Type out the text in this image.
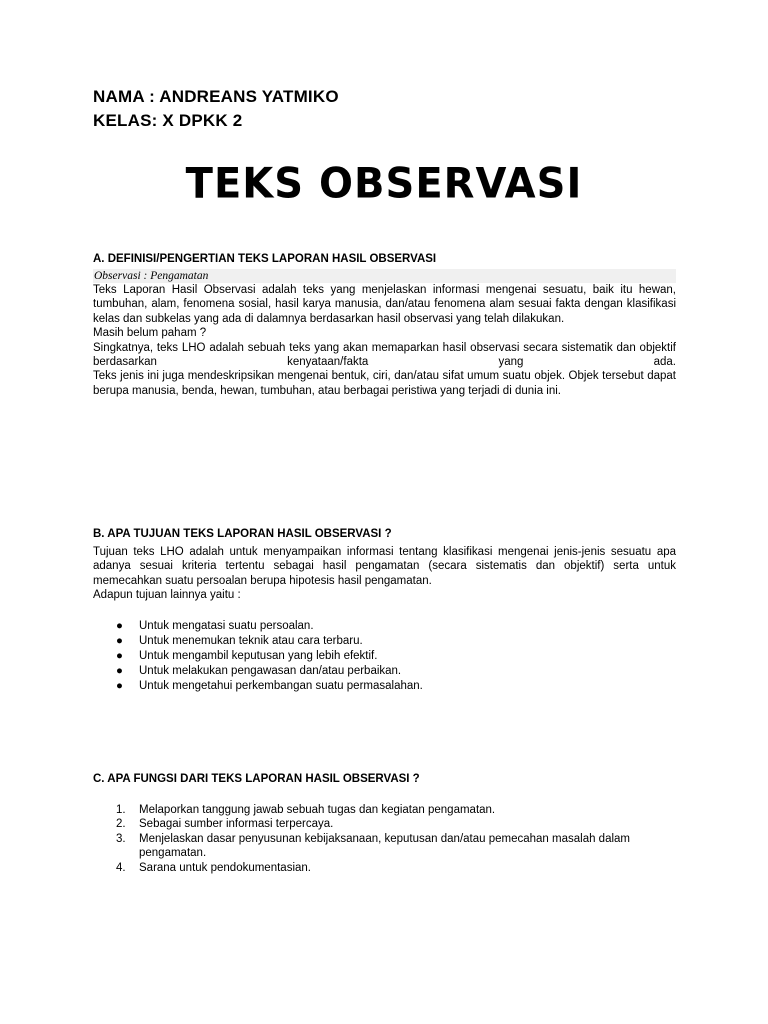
NAMA : ANDREANS YATMIKO
KELAS: X DPKK 2
TEKS OBSERVASI
A. DEFINISI/PENGERTIAN TEKS LAPORAN HASIL OBSERVASI
Observasi : Pengamatan

Teks Laporan Hasil Observasi adalah teks yang menjelaskan informasi mengenai sesuatu, baik itu hewan, tumbuhan, alam, fenomena sosial, hasil karya manusia, dan/atau fenomena alam sesuai fakta dengan klasifikasi kelas dan subkelas yang ada di dalamnya berdasarkan hasil observasi yang telah dilakukan.

Masih belum paham ?

Singkatnya, teks LHO adalah sebuah teks yang akan memaparkan hasil observasi secara sistematik dan objektif berdasarkan kenyataan/fakta yang ada.

Teks jenis ini juga mendeskripsikan mengenai bentuk, ciri, dan/atau sifat umum suatu objek. Objek tersebut dapat berupa manusia, benda, hewan, tumbuhan, atau berbagai peristiwa yang terjadi di dunia ini.

B. APA TUJUAN TEKS LAPORAN HASIL OBSERVASI ?

Tujuan teks LHO adalah untuk menyampaikan informasi tentang klasifikasi mengenai jenis-jenis sesuatu apa adanya sesuai kriteria tertentu sebagai hasil pengamatan (secara sistematis dan objektif) serta untuk memecahkan suatu persoalan berupa hipotesis hasil pengamatan.

Adapun tujuan lainnya yaitu :

● Untuk mengatasi suatu persoalan.
● Untuk menemukan teknik atau cara terbaru.
● Untuk mengambil keputusan yang lebih efektif.
● Untuk melakukan pengawasan dan/atau perbaikan.
● Untuk mengetahui perkembangan suatu permasalahan.
C. APA FUNGSI DARI TEKS LAPORAN HASIL OBSERVASI ?
1. Melaporkan tanggung jawab sebuah tugas dan kegiatan pengamatan.
2. Sebagai sumber informasi terpercaya.
3. Menjelaskan dasar penyusunan kebijaksanaan, keputusan dan/atau pemecahan masalah dalam pengamatan.
4. Sarana untuk pendokumentasian.
